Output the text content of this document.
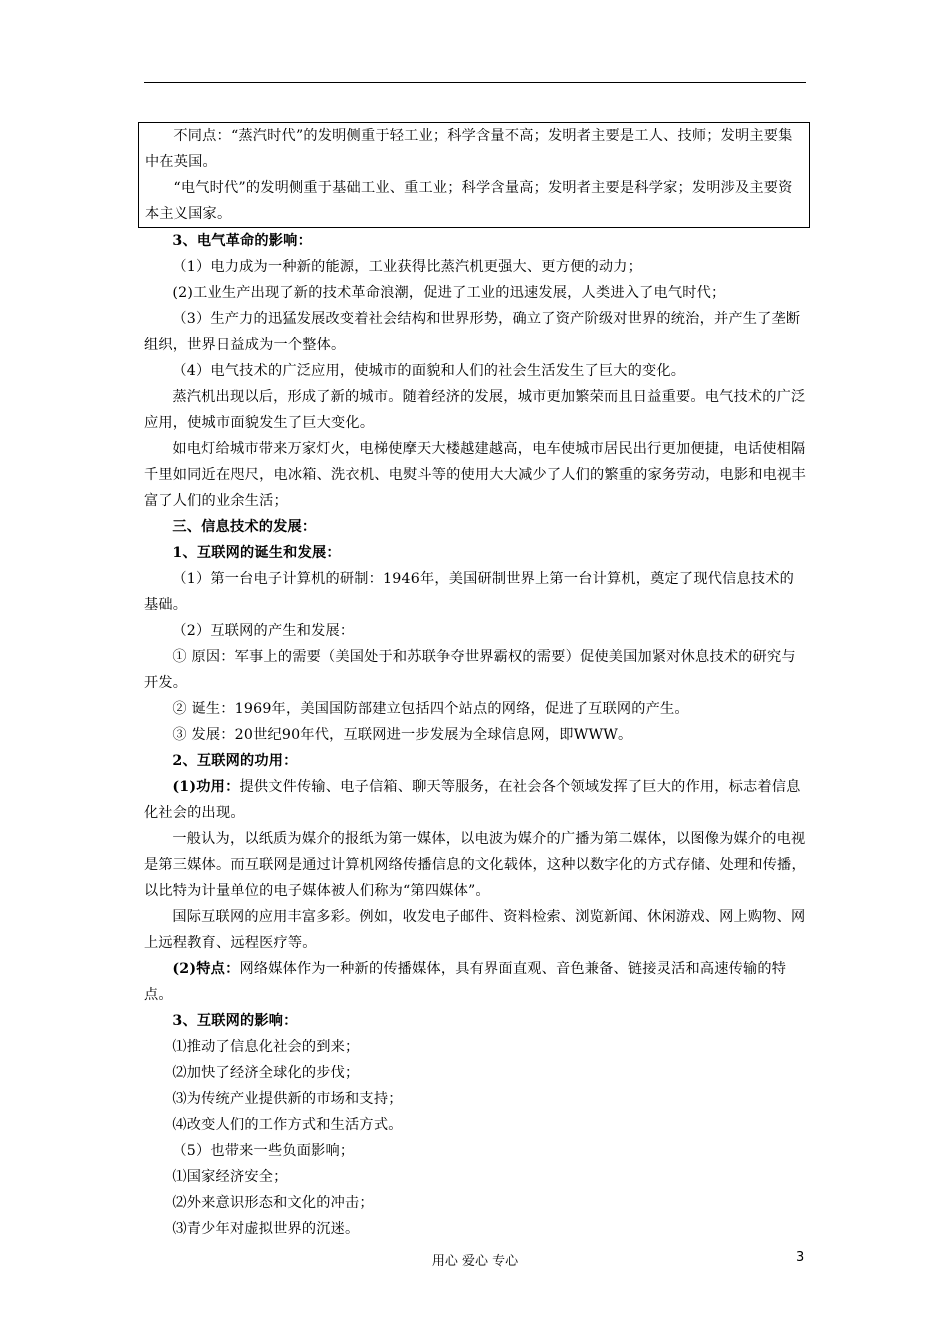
不同点：“蒸汽时代”的发明侧重于轻工业；科学含量不高；发明者主要是工人、技师；发明主要集中在英国。

“电气时代”的发明侧重于基础工业、重工业；科学含量高；发明者主要是科学家；发明涉及主要资本主义国家。

3、电气革命的影响：

（1）电力成为一种新的能源，工业获得比蒸汽机更强大、更方便的动力；

(2)工业生产出现了新的技术革命浪潮，促进了工业的迅速发展，人类进入了电气时代；

（3）生产力的迅猛发展改变着社会结构和世界形势，确立了资产阶级对世界的统治，并产生了垄断组织，世界日益成为一个整体。

（4）电气技术的广泛应用，使城市的面貌和人们的社会生活发生了巨大的变化。

蒸汽机出现以后，形成了新的城市。随着经济的发展，城市更加繁荣而且日益重要。电气技术的广泛应用，使城市面貌发生了巨大变化。

如电灯给城市带来万家灯火，电梯使摩天大楼越建越高，电车使城市居民出行更加便捷，电话使相隔千里如同近在咫尺，电冰箱、洗衣机、电熨斗等的使用大大减少了人们的繁重的家务劳动，电影和电视丰富了人们的业余生活；

三、信息技术的发展：

1、互联网的诞生和发展：

（1）第一台电子计算机的研制：1946年，美国研制世界上第一台计算机，奠定了现代信息技术的基础。

（2）互联网的产生和发展：

① 原因：军事上的需要（美国处于和苏联争夺世界霸权的需要）促使美国加紧对休息技术的研究与开发。

② 诞生：1969年，美国国防部建立包括四个站点的网络，促进了互联网的产生。

③ 发展：20世纪90年代，互联网进一步发展为全球信息网，即WWW。

2、互联网的功用：

(1)功用：提供文件传输、电子信箱、聊天等服务，在社会各个领域发挥了巨大的作用，标志着信息化社会的出现。

一般认为，以纸质为媒介的报纸为第一媒体，以电波为媒介的广播为第二媒体，以图像为媒介的电视是第三媒体。而互联网是通过计算机网络传播信息的文化载体，这种以数字化的方式存储、处理和传播，以比特为计量单位的电子媒体被人们称为“第四媒体”。

国际互联网的应用丰富多彩。例如，收发电子邮件、资料检索、浏览新闻、休闲游戏、网上购物、网上远程教育、远程医疗等。

(2)特点：网络媒体作为一种新的传播媒体，具有界面直观、音色兼备、链接灵活和高速传输的特点。

3、互联网的影响：

⑴推动了信息化社会的到来；

⑵加快了经济全球化的步伐；

⑶为传统产业提供新的市场和支持；

⑷改变人们的工作方式和生活方式。

（5）也带来一些负面影响；

⑴国家经济安全；

⑵外来意识形态和文化的冲击；

⑶青少年对虚拟世界的沉迷。

用心 爱心 专心	3
